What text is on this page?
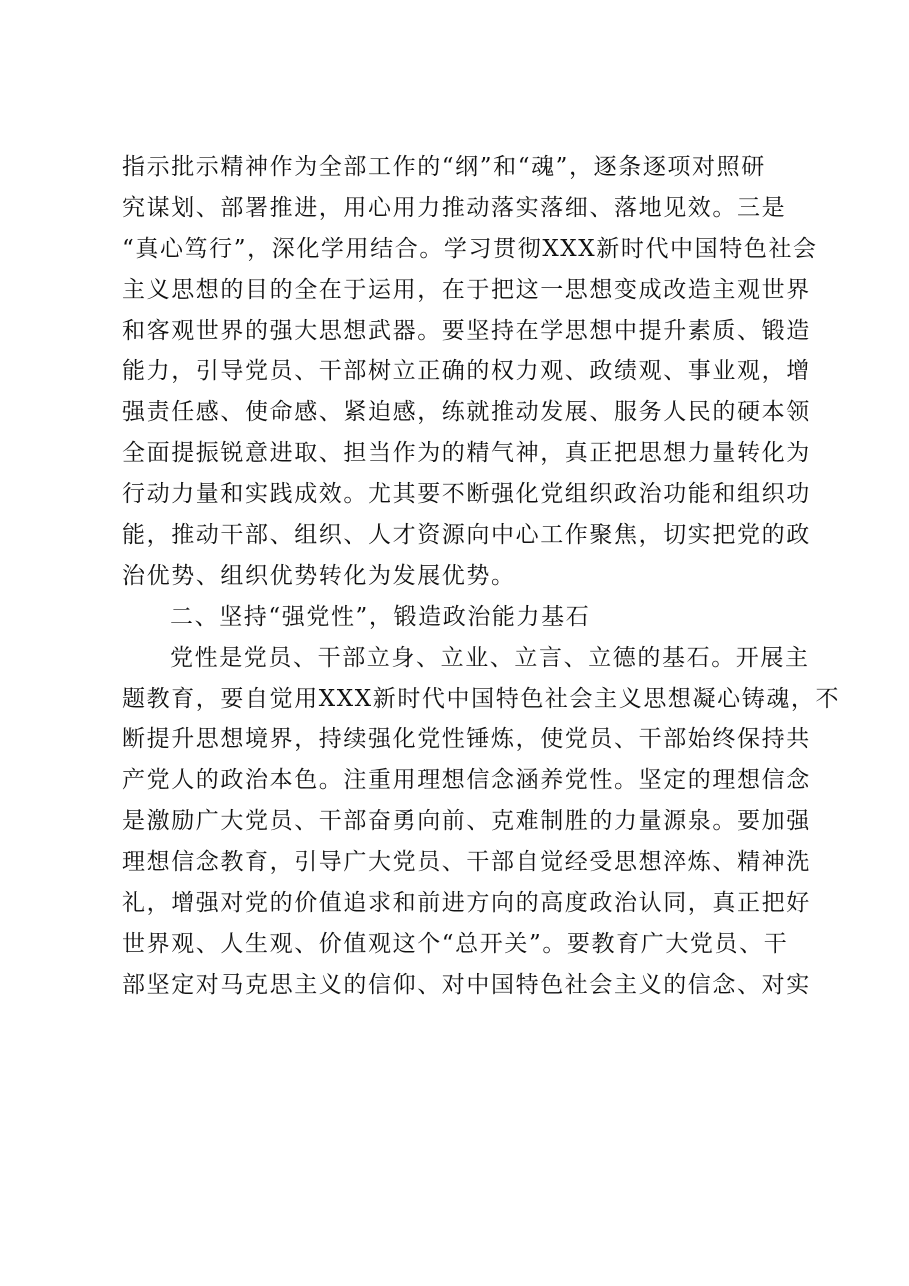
指示批示精神作为全部工作的“纲”和“魂”，逐条逐项对照研
究谋划、部署推进，用心用力推动落实落细、落地见效。三是
“真心笃行”，深化学用结合。学习贯彻XXX新时代中国特色社会
主义思想的目的全在于运用，在于把这一思想变成改造主观世界
和客观世界的强大思想武器。要坚持在学思想中提升素质、锻造
能力，引导党员、干部树立正确的权力观、政绩观、事业观，增
强责任感、使命感、紧迫感，练就推动发展、服务人民的硬本领
全面提振锐意进取、担当作为的精气神，真正把思想力量转化为
行动力量和实践成效。尤其要不断强化党组织政治功能和组织功
能，推动干部、组织、人才资源向中心工作聚焦，切实把党的政
治优势、组织优势转化为发展优势。
二、坚持“强党性”，锻造政治能力基石
党性是党员、干部立身、立业、立言、立德的基石。开展主
题教育，要自觉用XXX新时代中国特色社会主义思想凝心铸魂，不
断提升思想境界，持续强化党性锤炼，使党员、干部始终保持共
产党人的政治本色。注重用理想信念涵养党性。坚定的理想信念
是激励广大党员、干部奋勇向前、克难制胜的力量源泉。要加强
理想信念教育，引导广大党员、干部自觉经受思想淬炼、精神洗
礼，增强对党的价值追求和前进方向的高度政治认同，真正把好
世界观、人生观、价值观这个“总开关”。要教育广大党员、干
部坚定对马克思主义的信仰、对中国特色社会主义的信念、对实
